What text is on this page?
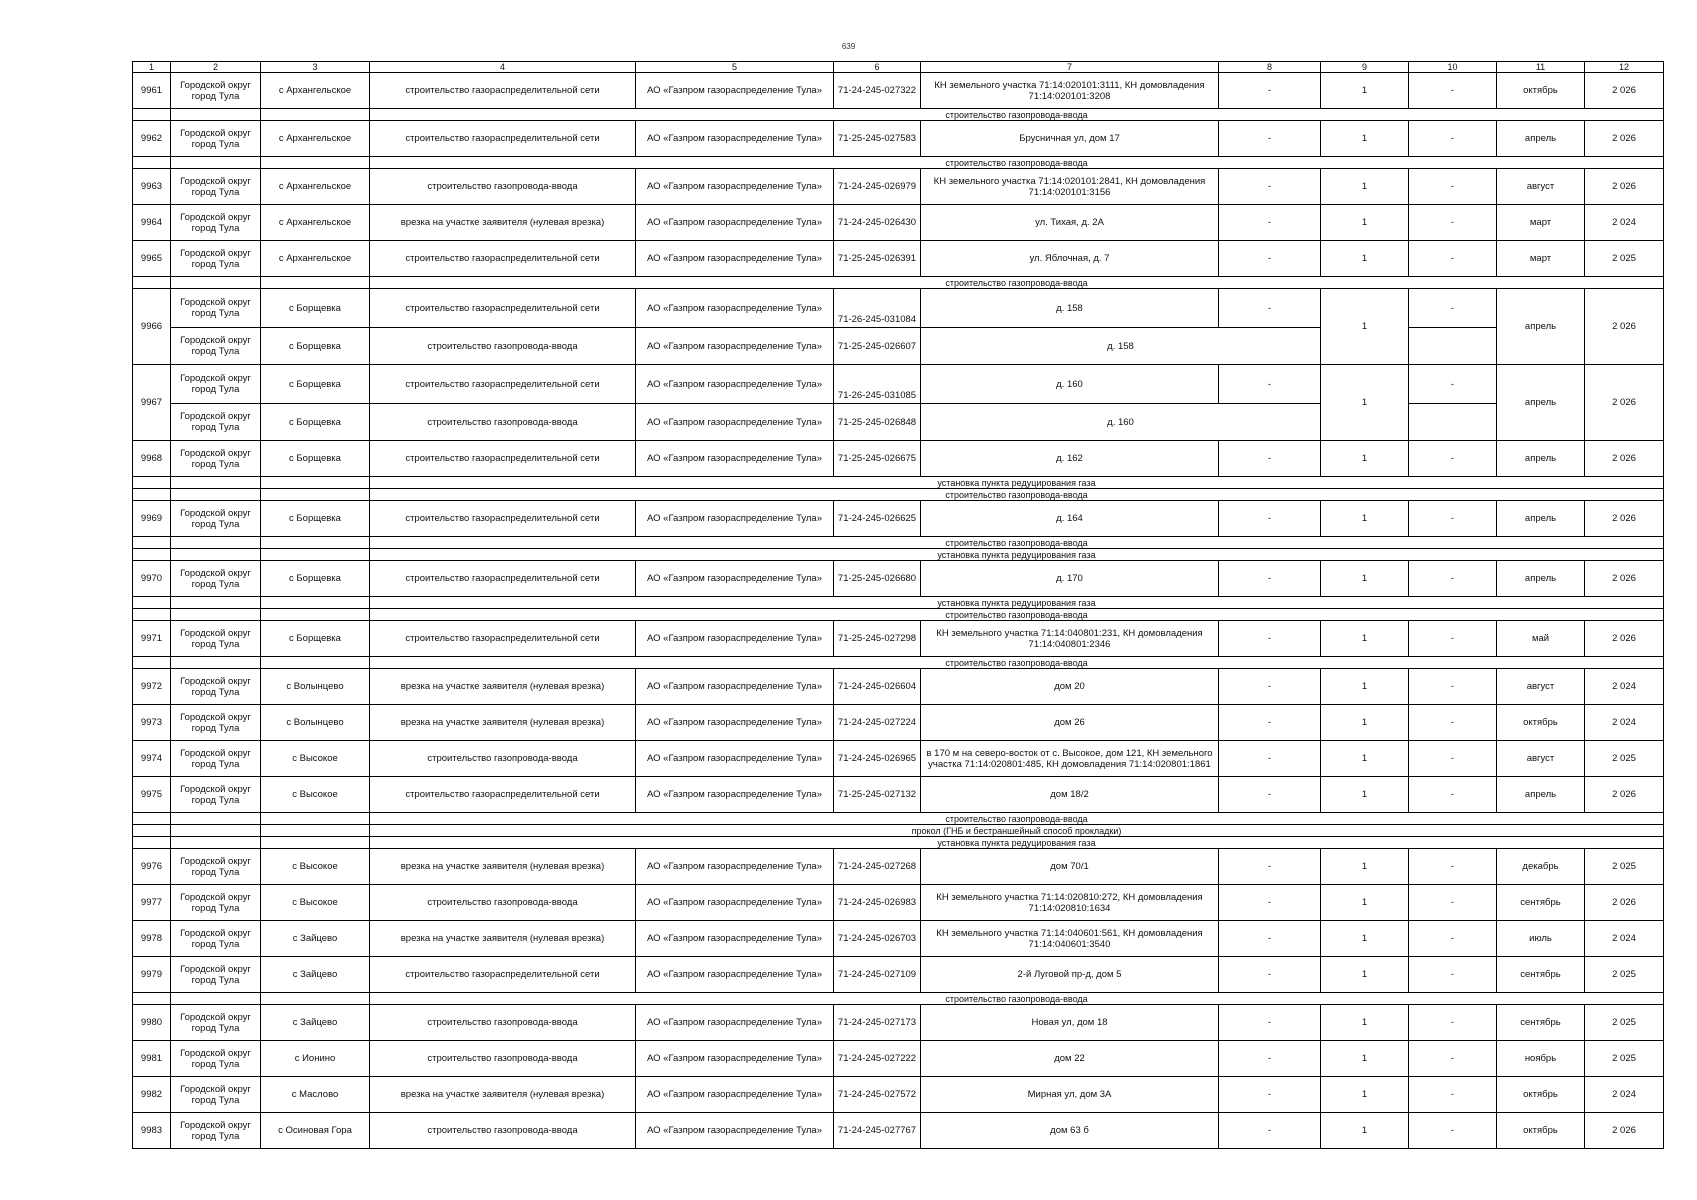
639
1	2	3	4	5	6	7	8	9	10	11	12
9961	Городской округ город Тула	с Архангельское	строительство газораспределительной сети	АО «Газпром газораспределение Тула»	71-24-245-027322	КН земельного участка 71:14:020101:3111, КН домовладения 71:14:020101:3208	-	1	-	октябрь	2 026
			строительство газопровода-ввода								
9962	Городской округ город Тула	с Архангельское	строительство газораспределительной сети	АО «Газпром газораспределение Тула»	71-25-245-027583	Брусничная ул, дом 17	-	1	-	апрель	2 026
			строительство газопровода-ввода								
9963	Городской округ город Тула	с Архангельское	строительство газопровода-ввода	АО «Газпром газораспределение Тула»	71-24-245-026979	КН земельного участка 71:14:020101:2841, КН домовладения 71:14:020101:3156	-	1	-	август	2 026
9964	Городской округ город Тула	с Архангельское	врезка на участке заявителя (нулевая врезка)	АО «Газпром газораспределение Тула»	71-24-245-026430	ул. Тихая, д. 2А	-	1	-	март	2 024
9965	Городской округ город Тула	с Архангельское	строительство газораспределительной сети	АО «Газпром газораспределение Тула»	71-25-245-026391	ул. Яблочная, д. 7	-	1	-	март	2 025
			строительство газопровода-ввода								
9966	Городской округ город Тула	с Борщевка	строительство газораспределительной сети	АО «Газпром газораспределение Тула»	71-26-245-031084	д. 158	-	1	-	апрель	2 026
	Городской округ город Тула	с Борщевка	строительство газопровода-ввода	АО «Газпром газораспределение Тула»	71-25-245-026607	д. 158					
9967	Городской округ город Тула	с Борщевка	строительство газораспределительной сети	АО «Газпром газораспределение Тула»	71-26-245-031085	д. 160	-	1	-	апрель	2 026
	Городской округ город Тула	с Борщевка	строительство газопровода-ввода	АО «Газпром газораспределение Тула»	71-25-245-026848	д. 160					
9968	Городской округ город Тула	с Борщевка	строительство газораспределительной сети	АО «Газпром газораспределение Тула»	71-25-245-026675	д. 162	-	1	-	апрель	2 026
			установка пункта редуцирования газа								
			строительство газопровода-ввода								
9969	Городской округ город Тула	с Борщевка	строительство газораспределительной сети	АО «Газпром газораспределение Тула»	71-24-245-026625	д. 164	-	1	-	апрель	2 026
			строительство газопровода-ввода								
			установка пункта редуцирования газа								
9970	Городской округ город Тула	с Борщевка	строительство газораспределительной сети	АО «Газпром газораспределение Тула»	71-25-245-026680	д. 170	-	1	-	апрель	2 026
			установка пункта редуцирования газа								
			строительство газопровода-ввода								
9971	Городской округ город Тула	с Борщевка	строительство газораспределительной сети	АО «Газпром газораспределение Тула»	71-25-245-027298	КН земельного участка 71:14:040801:231, КН домовладения 71:14:040801:2346	-	1	-	май	2 026
			строительство газопровода-ввода								
9972	Городской округ город Тула	с Волынцево	врезка на участке заявителя (нулевая врезка)	АО «Газпром газораспределение Тула»	71-24-245-026604	дом 20	-	1	-	август	2 024
9973	Городской округ город Тула	с Волынцево	врезка на участке заявителя (нулевая врезка)	АО «Газпром газораспределение Тула»	71-24-245-027224	дом 26	-	1	-	октябрь	2 024
9974	Городской округ город Тула	с Высокое	строительство газопровода-ввода	АО «Газпром газораспределение Тула»	71-24-245-026965	в 170 м на северо-восток от с. Высокое, дом 121, КН земельного участка 71:14:020801:485, КН домовладения 71:14:020801:1861	-	1	-	август	2 025
9975	Городской округ город Тула	с Высокое	строительство газораспределительной сети	АО «Газпром газораспределение Тула»	71-25-245-027132	дом 18/2	-	1	-	апрель	2 026
			строительство газопровода-ввода								
			прокол (ГНБ и бестраншейный способ прокладки)								
			установка пункта редуцирования газа								
9976	Городской округ город Тула	с Высокое	врезка на участке заявителя (нулевая врезка)	АО «Газпром газораспределение Тула»	71-24-245-027268	дом 70/1	-	1	-	декабрь	2 025
9977	Городской округ город Тула	с Высокое	строительство газопровода-ввода	АО «Газпром газораспределение Тула»	71-24-245-026983	КН земельного участка 71:14:020810:272, КН домовладения 71:14:020810:1634	-	1	-	сентябрь	2 026
9978	Городской округ город Тула	с Зайцево	врезка на участке заявителя (нулевая врезка)	АО «Газпром газораспределение Тула»	71-24-245-026703	КН земельного участка 71:14:040601:561, КН домовладения 71:14:040601:3540	-	1	-	июль	2 024
9979	Городской округ город Тула	с Зайцево	строительство газораспределительной сети	АО «Газпром газораспределение Тула»	71-24-245-027109	2-й Луговой пр-д, дом 5	-	1	-	сентябрь	2 025
			строительство газопровода-ввода								
9980	Городской округ город Тула	с Зайцево	строительство газопровода-ввода	АО «Газпром газораспределение Тула»	71-24-245-027173	Новая ул, дом 18	-	1	-	сентябрь	2 025
9981	Городской округ город Тула	с Ионино	строительство газопровода-ввода	АО «Газпром газораспределение Тула»	71-24-245-027222	дом 22	-	1	-	ноябрь	2 025
9982	Городской округ город Тула	с Маслово	врезка на участке заявителя (нулевая врезка)	АО «Газпром газораспределение Тула»	71-24-245-027572	Мирная ул, дом 3А	-	1	-	октябрь	2 024
9983	Городской округ город Тула	с Осиновая Гора	строительство газопровода-ввода	АО «Газпром газораспределение Тула»	71-24-245-027767	дом 63 б	-	1	-	октябрь	2 026
